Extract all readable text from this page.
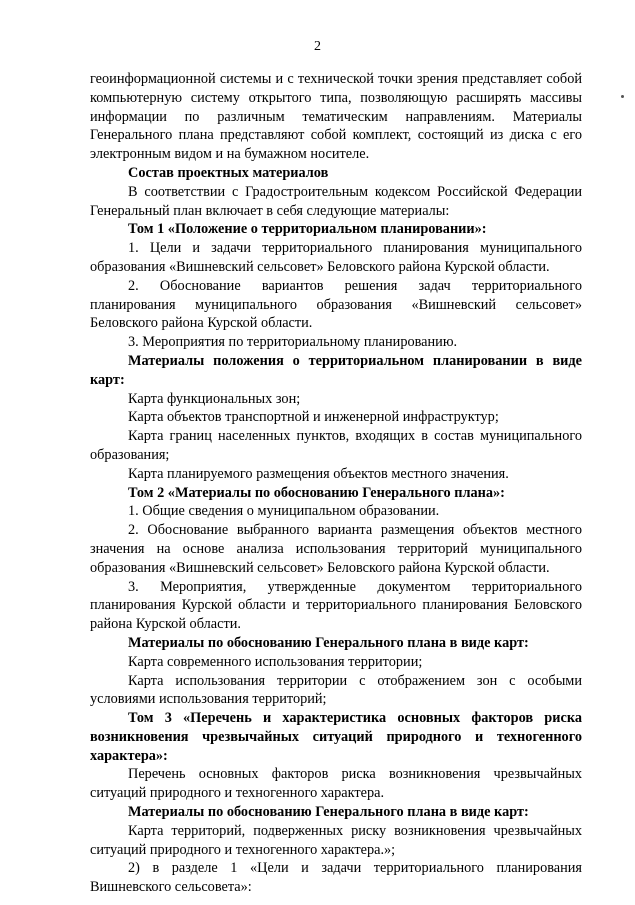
2

геоинформационной системы и с технической точки зрения представляет собой компьютерную систему открытого типа, позволяющую расширять массивы информации по различным тематическим направлениям. Материалы Генерального плана представляют собой комплект, состоящий из диска с его электронным видом и на бумажном носителе.

Состав проектных материалов

В соответствии с Градостроительным кодексом Российской Федерации Генеральный план включает в себя следующие материалы:

Том 1 «Положение о территориальном планировании»:

1. Цели и задачи территориального планирования муниципального образования «Вишневский сельсовет» Беловского района Курской области.

2. Обоснование вариантов решения задач территориального планирования муниципального образования «Вишневский сельсовет» Беловского района Курской области.

3. Мероприятия по территориальному планированию.

Материалы положения о территориальном планировании в виде карт:

Карта функциональных зон;

Карта объектов транспортной и инженерной инфраструктур;

Карта границ населенных пунктов, входящих в состав муниципального образования;

Карта планируемого размещения объектов местного значения.

Том 2 «Материалы по обоснованию Генерального плана»:

1. Общие сведения о муниципальном образовании.

2. Обоснование выбранного варианта размещения объектов местного значения на основе анализа использования территорий муниципального образования «Вишневский сельсовет» Беловского района Курской области.

3. Мероприятия, утвержденные документом территориального планирования Курской области и территориального планирования Беловского района Курской области.

Материалы по обоснованию Генерального плана в виде карт:

Карта современного использования территории;

Карта использования территории с отображением зон с особыми условиями использования территорий;

Том 3 «Перечень и характеристика основных факторов риска возникновения чрезвычайных ситуаций природного и техногенного характера»:

Перечень основных факторов риска возникновения чрезвычайных ситуаций природного и техногенного характера.

Материалы по обоснованию Генерального плана в виде карт:

Карта территорий, подверженных риску возникновения чрезвычайных ситуаций природного и техногенного характера.»;

2) в разделе 1 «Цели и задачи территориального планирования Вишневского сельсовета»:
